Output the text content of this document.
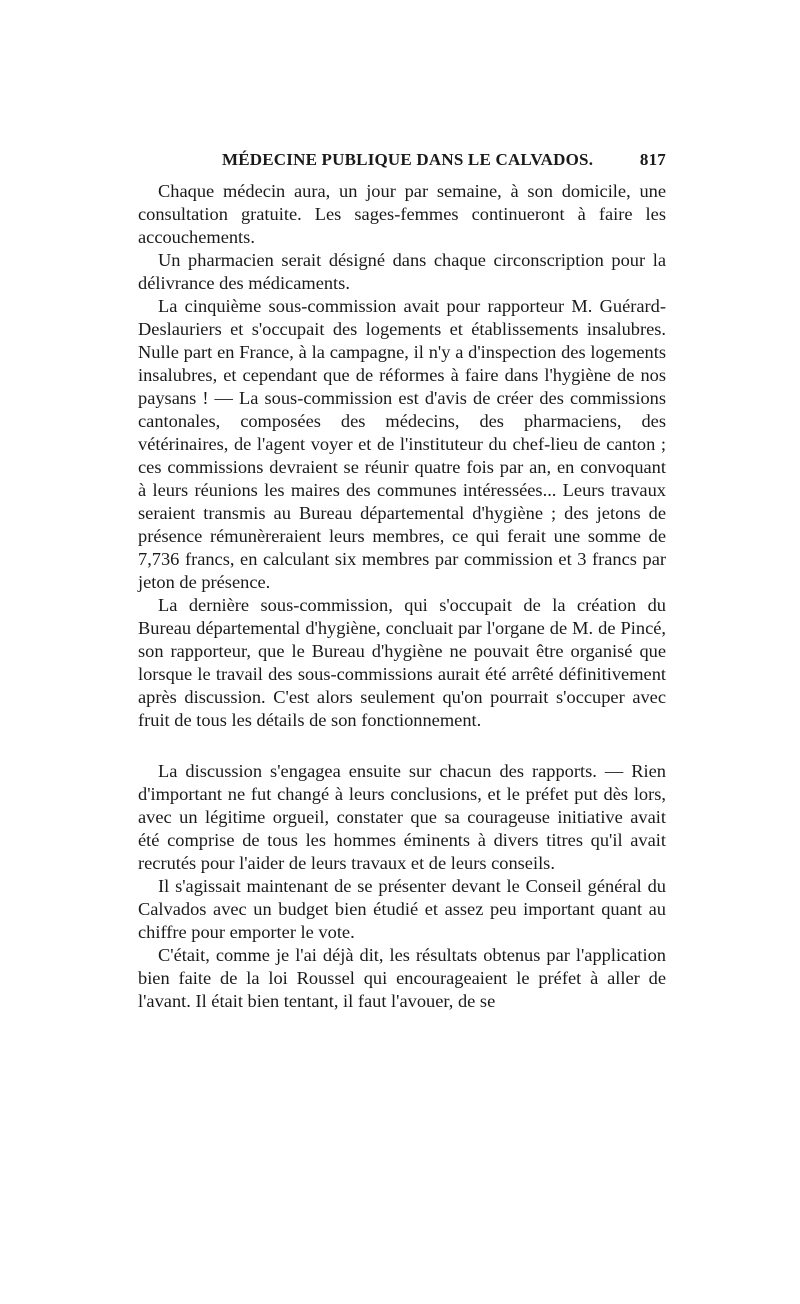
MÉDECINE PUBLIQUE DANS LE CALVADOS.	817

Chaque médecin aura, un jour par semaine, à son domicile, une consultation gratuite. Les sages-femmes continueront à faire les accouchements.

Un pharmacien serait désigné dans chaque circonscription pour la délivrance des médicaments.

La cinquième sous-commission avait pour rapporteur M. Guérard-Deslauriers et s'occupait des logements et établissements insalubres. Nulle part en France, à la campagne, il n'y a d'inspection des logements insalubres, et cependant que de réformes à faire dans l'hygiène de nos paysans ! — La sous-commission est d'avis de créer des commissions cantonales, composées des médecins, des pharmaciens, des vétérinaires, de l'agent voyer et de l'instituteur du chef-lieu de canton ; ces commissions devraient se réunir quatre fois par an, en convoquant à leurs réunions les maires des communes intéressées... Leurs travaux seraient transmis au Bureau départemental d'hygiène ; des jetons de présence rémunèreraient leurs membres, ce qui ferait une somme de 7,736 francs, en calculant six membres par commission et 3 francs par jeton de présence.

La dernière sous-commission, qui s'occupait de la création du Bureau départemental d'hygiène, concluait par l'organe de M. de Pincé, son rapporteur, que le Bureau d'hygiène ne pouvait être organisé que lorsque le travail des sous-commissions aurait été arrêté définitivement après discussion. C'est alors seulement qu'on pourrait s'occuper avec fruit de tous les détails de son fonctionnement.

La discussion s'engagea ensuite sur chacun des rapports. — Rien d'important ne fut changé à leurs conclusions, et le préfet put dès lors, avec un légitime orgueil, constater que sa courageuse initiative avait été comprise de tous les hommes éminents à divers titres qu'il avait recrutés pour l'aider de leurs travaux et de leurs conseils.

Il s'agissait maintenant de se présenter devant le Conseil général du Calvados avec un budget bien étudié et assez peu important quant au chiffre pour emporter le vote.

C'était, comme je l'ai déjà dit, les résultats obtenus par l'application bien faite de la loi Roussel qui encourageaient le préfet à aller de l'avant. Il était bien tentant, il faut l'avouer, de se
